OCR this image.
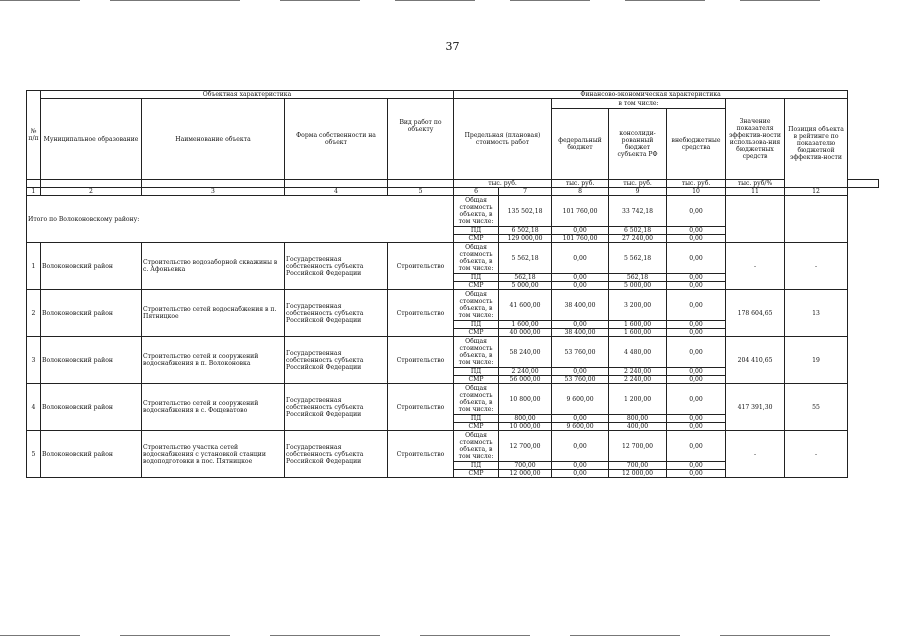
37
№ п/п	Объектная характеристика				Финансово-экономическая характеристика							
	Муниципальное образование	Наименование объекта	Форма собственности на объект	Вид работ по объекту	Предельная (плановая) стоимость работ		в том числе:			Значение показателя эффектив-ности использова-ния бюджетных средств	Позиция объекта в рейтинге по показателю бюджетной эффектив-ности	
							федеральный бюджет	консолиди-рованный бюджет субъекта РФ	внебюджетные средства			
					тыс. руб.		тыс. руб.	тыс. руб.	тыс. руб.	тыс. руб/%		
1	2	3	4	5	6	7	8	9	10	11	12	
Итого по Волоконовскому району:					Общая стоимость объекта, в том числе:	135 502,18	101 760,00	33 742,18	0,00			
					ПД	6 502,18	0,00	6 502,18	0,00			
					СМР	129 000,00	101 760,00	27 240,00	0,00			
1	Волоконовский район	Строительство водозаборной скважины в с. Афоньевка	Государственная собственность субъекта Российской Федерации	Строительство	Общая стоимость объекта, в том числе:	5 562,18	0,00	5 562,18	0,00	-	-	
					ПД	562,18	0,00	562,18	0,00			
					СМР	5 000,00	0,00	5 000,00	0,00			
2	Волоконовский район	Строительство сетей водоснабжения в п. Пятницкое	Государственная собственность субъекта Российской Федерации	Строительство	Общая стоимость объекта, в том числе:	41 600,00	38 400,00	3 200,00	0,00	178 604,65	13	
					ПД	1 600,00	0,00	1 600,00	0,00			
					СМР	40 000,00	38 400,00	1 600,00	0,00			
3	Волоконовский район	Строительство сетей и сооружений водоснабжения в п. Волоконовка	Государственная собственность субъекта Российской Федерации	Строительство	Общая стоимость объекта, в том числе:	58 240,00	53 760,00	4 480,00	0,00	204 410,65	19	
					ПД	2 240,00	0,00	2 240,00	0,00			
					СМР	56 000,00	53 760,00	2 240,00	0,00			
4	Волоконовский район	Строительство сетей и сооружений водоснабжения в с. Фощеватово	Государственная собственность субъекта Российской Федерации	Строительство	Общая стоимость объекта, в том числе:	10 800,00	9 600,00	1 200,00	0,00	417 391,30	55	
					ПД	800,00	0,00	800,00	0,00			
					СМР	10 000,00	9 600,00	400,00	0,00			
5	Волоконовский район	Строительство участка сетей водоснабжения с установкой станции водоподготовки в пос. Пятницкое	Государственная собственность субъекта Российской Федерации	Строительство	Общая стоимость объекта, в том числе:	12 700,00	0,00	12 700,00	0,00	-	-	
					ПД	700,00	0,00	700,00	0,00			
					СМР	12 000,00	0,00	12 000,00	0,00			
